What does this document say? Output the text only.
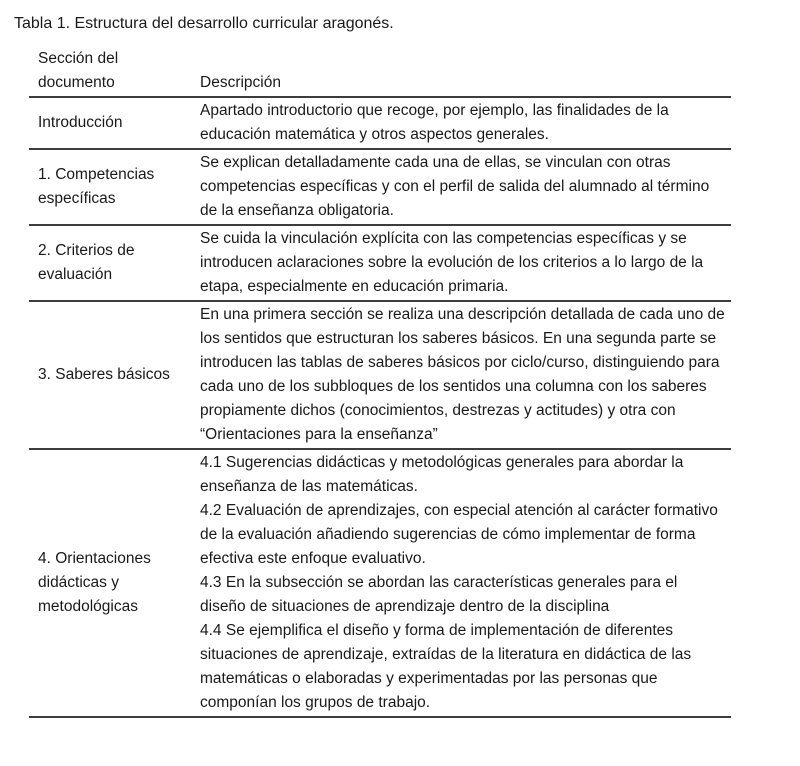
Tabla 1. Estructura del desarrollo curricular aragonés.

Sección del documento	Descripción
Introducción	Apartado introductorio que recoge, por ejemplo, las finalidades de la educación matemática y otros aspectos generales.

1. Competencias específicas	Se explican detalladamente cada una de ellas, se vinculan con otras competencias específicas y con el perfil de salida del alumnado al término de la enseñanza obligatoria.

2. Criterios de evaluación	Se cuida la vinculación explícita con las competencias específicas y se introducen aclaraciones sobre la evolución de los criterios a lo largo de la etapa, especialmente en educación primaria.

3. Saberes básicos	En una primera sección se realiza una descripción detallada de cada uno de los sentidos que estructuran los saberes básicos. En una segunda parte se introducen las tablas de saberes básicos por ciclo/curso, distinguiendo para cada uno de los subbloques de los sentidos una columna con los saberes propiamente dichos (conocimientos, destrezas y actitudes) y otra con “Orientaciones para la enseñanza”

4. Orientaciones didácticas y metodológicas	4.1 Sugerencias didácticas y metodológicas generales para abordar la enseñanza de las matemáticas.

4.2 Evaluación de aprendizajes, con especial atención al carácter formativo de la evaluación añadiendo sugerencias de cómo implementar de forma efectiva este enfoque evaluativo.

4.3 En la subsección se abordan las características generales para el diseño de situaciones de aprendizaje dentro de la disciplina

4.4 Se ejemplifica el diseño y forma de implementación de diferentes situaciones de aprendizaje, extraídas de la literatura en didáctica de las matemáticas o elaboradas y experimentadas por las personas que componían los grupos de trabajo.
